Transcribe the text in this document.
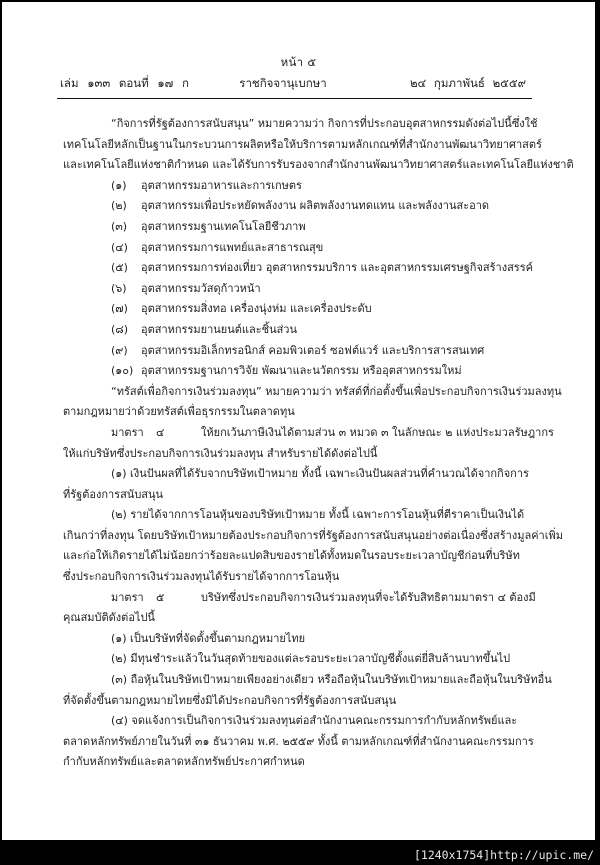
หน้า ๕
เล่ม ๑๓๓ ตอนที่ ๑๗ ก	ราชกิจจานุเบกษา	๒๔ กุมภาพันธ์ ๒๕๕๙
“กิจการที่รัฐต้องการสนับสนุน” หมายความว่า กิจการที่ประกอบอุตสาหกรรมดังต่อไปนี้ซึ่งใช้
เทคโนโลยีหลักเป็นฐานในกระบวนการผลิตหรือให้บริการตามหลักเกณฑ์ที่สำนักงานพัฒนาวิทยาศาสตร์
และเทคโนโลยีแห่งชาติกำหนด และได้รับการรับรองจากสำนักงานพัฒนาวิทยาศาสตร์และเทคโนโลยีแห่งชาติ
(๑) อุตสาหกรรมอาหารและการเกษตร
(๒) อุตสาหกรรมเพื่อประหยัดพลังงาน ผลิตพลังงานทดแทน และพลังงานสะอาด
(๓) อุตสาหกรรมฐานเทคโนโลยีชีวภาพ
(๔) อุตสาหกรรมการแพทย์และสาธารณสุข
(๕) อุตสาหกรรมการท่องเที่ยว อุตสาหกรรมบริการ และอุตสาหกรรมเศรษฐกิจสร้างสรรค์
(๖) อุตสาหกรรมวัสดุก้าวหน้า
(๗) อุตสาหกรรมสิ่งทอ เครื่องนุ่งห่ม และเครื่องประดับ
(๘) อุตสาหกรรมยานยนต์และชิ้นส่วน
(๙) อุตสาหกรรมอิเล็กทรอนิกส์ คอมพิวเตอร์ ซอฟต์แวร์ และบริการสารสนเทศ
(๑๐) อุตสาหกรรมฐานการวิจัย พัฒนาและนวัตกรรม หรืออุตสาหกรรมใหม่
“ทรัสต์เพื่อกิจการเงินร่วมลงทุน” หมายความว่า ทรัสต์ที่ก่อตั้งขึ้นเพื่อประกอบกิจการเงินร่วมลงทุน
ตามกฎหมายว่าด้วยทรัสต์เพื่อธุรกรรมในตลาดทุน
มาตรา ๔	ให้ยกเว้นภาษีเงินได้ตามส่วน ๓ หมวด ๓ ในลักษณะ ๒ แห่งประมวลรัษฎากร
ให้แก่บริษัทซึ่งประกอบกิจการเงินร่วมลงทุน สำหรับรายได้ดังต่อไปนี้
(๑) เงินปันผลที่ได้รับจากบริษัทเป้าหมาย ทั้งนี้ เฉพาะเงินปันผลส่วนที่คำนวณได้จากกิจการ
ที่รัฐต้องการสนับสนุน
(๒) รายได้จากการโอนหุ้นของบริษัทเป้าหมาย ทั้งนี้ เฉพาะการโอนหุ้นที่ตีราคาเป็นเงินได้
เกินกว่าที่ลงทุน โดยบริษัทเป้าหมายต้องประกอบกิจการที่รัฐต้องการสนับสนุนอย่างต่อเนื่องซึ่งสร้างมูลค่าเพิ่ม
และก่อให้เกิดรายได้ไม่น้อยกว่าร้อยละแปดสิบของรายได้ทั้งหมดในรอบระยะเวลาบัญชีก่อนที่บริษัท
ซึ่งประกอบกิจการเงินร่วมลงทุนได้รับรายได้จากการโอนหุ้น
มาตรา ๕	บริษัทซึ่งประกอบกิจการเงินร่วมลงทุนที่จะได้รับสิทธิตามมาตรา ๔ ต้องมี
คุณสมบัติดังต่อไปนี้
(๑) เป็นบริษัทที่จัดตั้งขึ้นตามกฎหมายไทย
(๒) มีทุนชำระแล้วในวันสุดท้ายของแต่ละรอบระยะเวลาบัญชีตั้งแต่ยี่สิบล้านบาทขึ้นไป
(๓) ถือหุ้นในบริษัทเป้าหมายเพียงอย่างเดียว หรือถือหุ้นในบริษัทเป้าหมายและถือหุ้นในบริษัทอื่น
ที่จัดตั้งขึ้นตามกฎหมายไทยซึ่งมิได้ประกอบกิจการที่รัฐต้องการสนับสนุน
(๔) จดแจ้งการเป็นกิจการเงินร่วมลงทุนต่อสำนักงานคณะกรรมการกำกับหลักทรัพย์และ
ตลาดหลักทรัพย์ภายในวันที่ ๓๑ ธันวาคม พ.ศ. ๒๕๕๙ ทั้งนี้ ตามหลักเกณฑ์ที่สำนักงานคณะกรรมการ
กำกับหลักทรัพย์และตลาดหลักทรัพย์ประกาศกำหนด
[1240x1754]http://upic.me/
